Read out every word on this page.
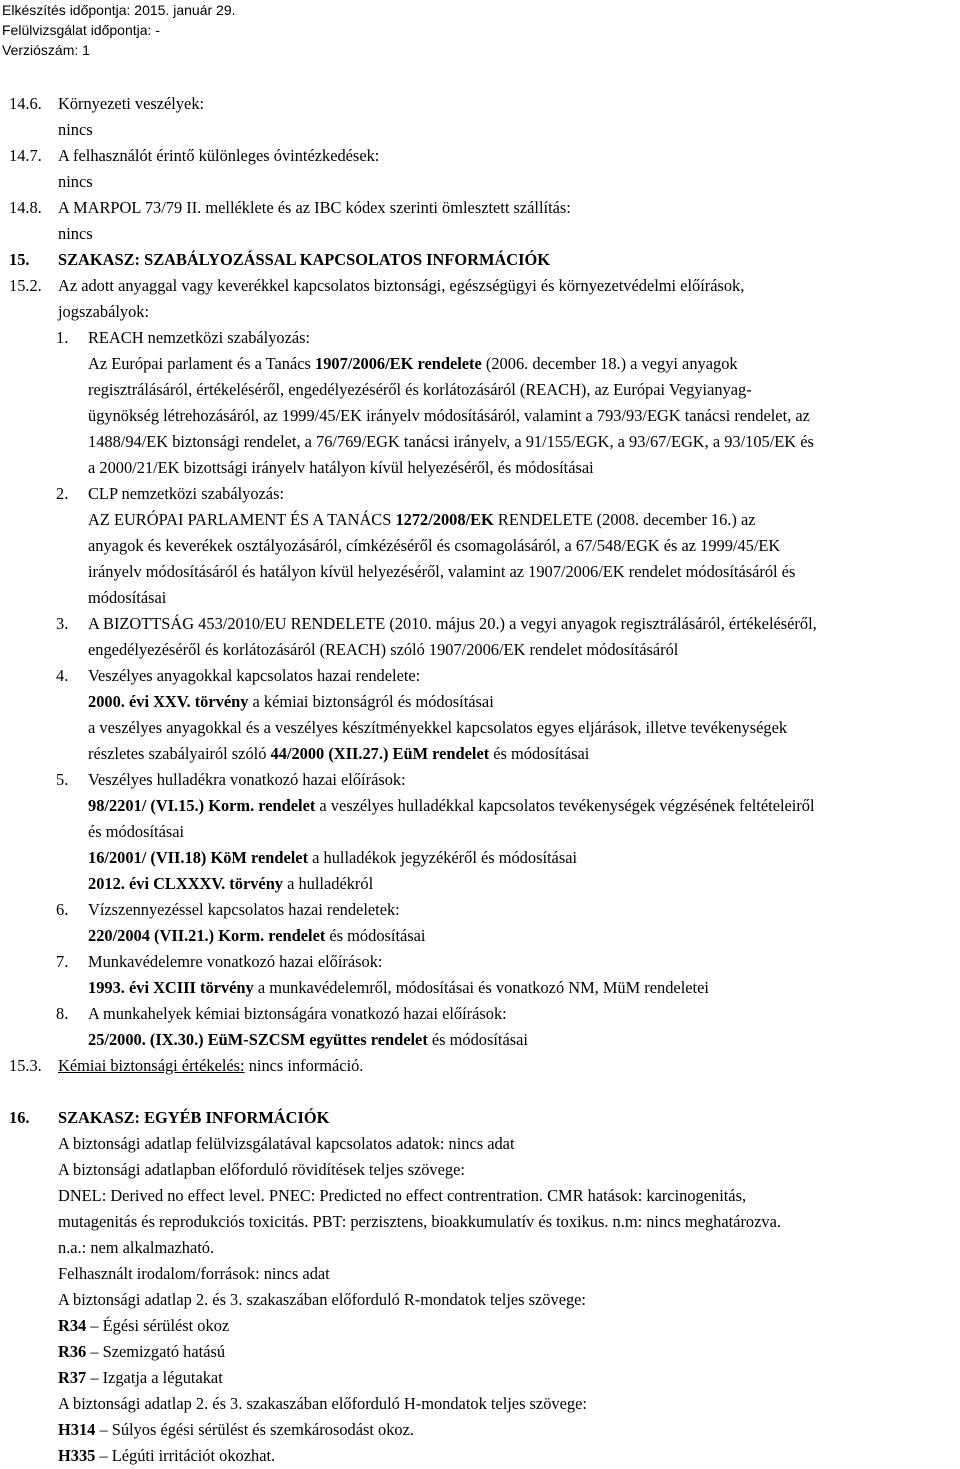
Elkészítés időpontja: 2015. január 29.
Felülvizsgálat időpontja: -
Verziószám: 1
14.6. Környezeti veszélyek:
nincs
14.7. A felhasználót érintő különleges óvintézkedések:
nincs
14.8. A MARPOL 73/79 II. melléklete és az IBC kódex szerinti ömlesztett szállítás:
nincs
15. SZAKASZ: SZABÁLYOZÁSSAL KAPCSOLATOS INFORMÁCIÓK
15.2. Az adott anyaggal vagy keverékkel kapcsolatos biztonsági, egészségügyi és környezetvédelmi előírások,
jogszabályok:
1. REACH nemzetközi szabályozás:
Az Európai parlament és a Tanács 1907/2006/EK rendelete (2006. december 18.) a vegyi anyagok
regisztrálásáról, értékeléséről, engedélyezéséről és korlátozásáról (REACH), az Európai Vegyianyag-
ügynökség létrehozásáról, az 1999/45/EK irányelv módosításáról, valamint a 793/93/EGK tanácsi rendelet, az
1488/94/EK biztonsági rendelet, a 76/769/EGK tanácsi irányelv, a 91/155/EGK, a 93/67/EGK, a 93/105/EK és
a 2000/21/EK bizottsági irányelv hatályon kívül helyezéséről, és módosításai
2. CLP nemzetközi szabályozás:
AZ EURÓPAI PARLAMENT ÉS A TANÁCS 1272/2008/EK RENDELETE (2008. december 16.) az
anyagok és keverékek osztályozásáról, címkézéséről és csomagolásáról, a 67/548/EGK és az 1999/45/EK
irányelv módosításáról és hatályon kívül helyezéséről, valamint az 1907/2006/EK rendelet módosításáról és
módosításai
3. A BIZOTTSÁG 453/2010/EU RENDELETE (2010. május 20.) a vegyi anyagok regisztrálásáról, értékeléséről,
engedélyezéséről és korlátozásáról (REACH) szóló 1907/2006/EK rendelet módosításáról
4. Veszélyes anyagokkal kapcsolatos hazai rendelete:
2000. évi XXV. törvény a kémiai biztonságról és módosításai
a veszélyes anyagokkal és a veszélyes készítményekkel kapcsolatos egyes eljárások, illetve tevékenységek
részletes szabályairól szóló 44/2000 (XII.27.) EüM rendelet és módosításai
5. Veszélyes hulladékra vonatkozó hazai előírások:
98/2201/ (VI.15.) Korm. rendelet a veszélyes hulladékkal kapcsolatos tevékenységek végzésének feltételeiről
és módosításai
16/2001/ (VII.18) KöM rendelet a hulladékok jegyzékéről és módosításai
2012. évi CLXXXV. törvény a hulladékról
6. Vízszennyezéssel kapcsolatos hazai rendeletek:
220/2004 (VII.21.) Korm. rendelet és módosításai
7. Munkavédelemre vonatkozó hazai előírások:
1993. évi XCIII törvény a munkavédelemről, módosításai és vonatkozó NM, MüM rendeletei
8. A munkahelyek kémiai biztonságára vonatkozó hazai előírások:
25/2000. (IX.30.) EüM-SZCSM együttes rendelet és módosításai
15.3. Kémiai biztonsági értékelés: nincs információ.
16. SZAKASZ: EGYÉB INFORMÁCIÓK
A biztonsági adatlap felülvizsgálatával kapcsolatos adatok: nincs adat
A biztonsági adatlapban előforduló rövidítések teljes szövege:
DNEL: Derived no effect level. PNEC: Predicted no effect contrentration. CMR hatások: karcinogenitás,
mutagenitás és reprodukciós toxicitás. PBT: perzisztens, bioakkumulatív és toxikus. n.m: nincs meghatározva.
n.a.: nem alkalmazható.
Felhasznált irodalom/források: nincs adat
A biztonsági adatlap 2. és 3. szakaszában előforduló R-mondatok teljes szövege:
R34 – Égési sérülést okoz
R36 – Szemizgató hatású
R37 – Izgatja a légutakat
A biztonsági adatlap 2. és 3. szakaszában előforduló H-mondatok teljes szövege:
H314 – Súlyos égési sérülést és szemkárosodást okoz.
H335 – Légúti irritációt okozhat.
